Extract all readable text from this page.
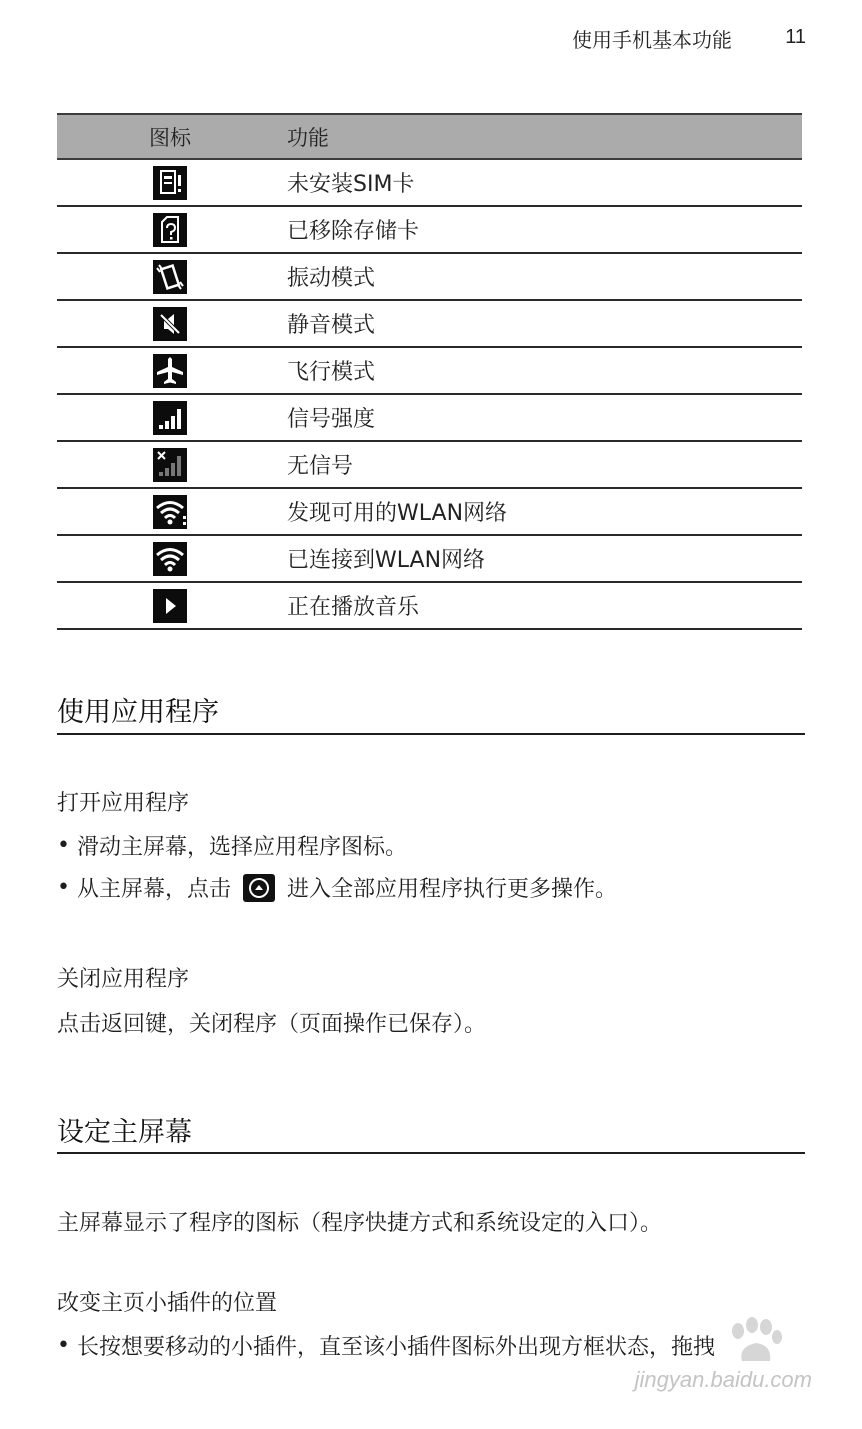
使用手机基本功能	11
图标	功能
未安装SIM卡
已移除存储卡
振动模式
静音模式
飞行模式
信号强度
无信号
发现可用的WLAN网络
已连接到WLAN网络
正在播放音乐
使用应用程序
打开应用程序
• 滑动主屏幕，选择应用程序图标。
• 从主屏幕，点击	进入全部应用程序执行更多操作。
关闭应用程序
点击返回键，关闭程序（页面操作已保存）。
设定主屏幕
主屏幕显示了程序的图标（程序快捷方式和系统设定的入口）。
改变主页小插件的位置
• 长按想要移动的小插件，直至该小插件图标外出现方框状态，拖拽
jingyan.baidu.com
